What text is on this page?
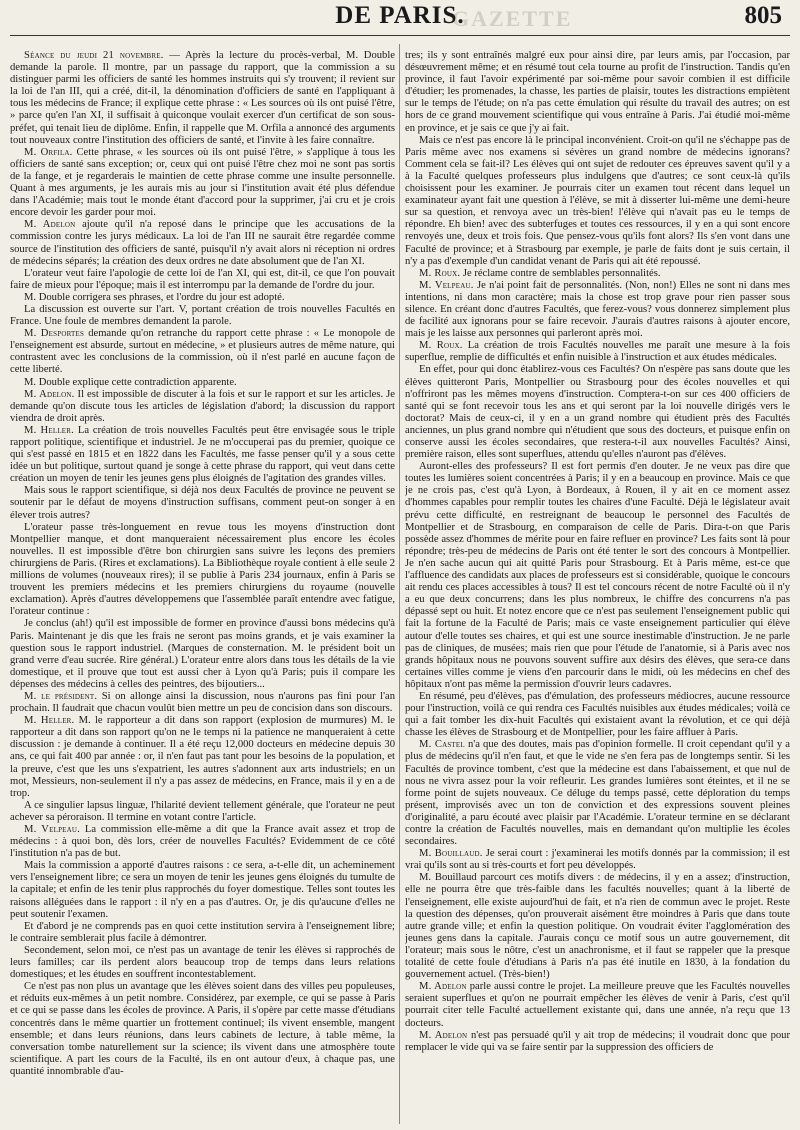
GAZETTE
DE PARIS.	805

Séance du jeudi 21 novembre. — Après la lecture du procès-verbal, M. Double demande la parole. Il montre, par un passage du rapport, que la commission a su distinguer parmi les officiers de santé les hommes instruits qui s'y trouvent; il revient sur la loi de l'an III, qui a créé, dit-il, la dénomination d'officiers de santé en l'appliquant à tous les médecins de France; il explique cette phrase : « Les sources où ils ont puisé l'être, » parce qu'en l'an XI, il suffisait à quiconque voulait exercer d'un certificat de son sous-préfet, qui tenait lieu de diplôme. Enfin, il rappelle que M. Orfila a annoncé des arguments tout nouveaux contre l'institution des officiers de santé, et l'invite à les faire connaître.

M. Orfila. Cette phrase, « les sources où ils ont puisé l'être, » s'applique à tous les officiers de santé sans exception; or, ceux qui ont puisé l'être chez moi ne sont pas sortis de la fange, et je regarderais le maintien de cette phrase comme une insulte personnelle. Quant à mes arguments, je les aurais mis au jour si l'institution avait été plus défendue dans l'Académie; mais tout le monde étant d'accord pour la supprimer, j'ai cru et je crois encore devoir les garder pour moi.

M. Adelon ajoute qu'il n'a reposé dans le principe que les accusations de la commission contre les jurys médicaux. La loi de l'an III ne saurait être regardée comme source de l'institution des officiers de santé, puisqu'il n'y avait alors ni réception ni ordres de médecins séparés; la création des deux ordres ne date absolument que de l'an XI.

L'orateur veut faire l'apologie de cette loi de l'an XI, qui est, dit-il, ce que l'on pouvait faire de mieux pour l'époque; mais il est interrompu par la demande de l'ordre du jour.

M. Double corrigera ses phrases, et l'ordre du jour est adopté.

La discussion est ouverte sur l'art. V, portant création de trois nouvelles Facultés en France. Une foule de membres demandent la parole.

M. Desportes demande qu'on retranche du rapport cette phrase : « Le monopole de l'enseignement est absurde, surtout en médecine, » et plusieurs autres de même nature, qui contrastent avec les conclusions de la commission, où il n'est parlé en aucune façon de cette liberté.

M. Double explique cette contradiction apparente.

M. Adelon. Il est impossible de discuter à la fois et sur le rapport et sur les articles. Je demande qu'on discute tous les articles de législation d'abord; la discussion du rapport viendra de droit après.

M. Heller. La création de trois nouvelles Facultés peut être envisagée sous le triple rapport politique, scientifique et industriel. Je ne m'occuperai pas du premier, quoique ce qui s'est passé en 1815 et en 1822 dans les Facultés, me fasse penser qu'il y a sous cette idée un but politique, surtout quand je songe à cette phrase du rapport, qui veut dans cette création un moyen de tenir les jeunes gens plus éloignés de l'agitation des grandes villes.

Mais sous le rapport scientifique, si déjà nos deux Facultés de province ne peuvent se soutenir par le défaut de moyens d'instruction suffisans, comment peut-on songer à en élever trois autres?

L'orateur passe très-longuement en revue tous les moyens d'instruction dont Montpellier manque, et dont manqueraient nécessairement plus encore les écoles nouvelles. Il est impossible d'être bon chirurgien sans suivre les leçons des premiers chirurgiens de Paris. (Rires et exclamations). La Bibliothèque royale contient à elle seule 2 millions de volumes (nouveaux rires); il se publie à Paris 234 journaux, enfin à Paris se trouvent les premiers médecins et les premiers chirurgiens du royaume (nouvelle exclamation). Après d'autres développemens que l'assemblée paraît entendre avec fatigue, l'orateur continue :

Je conclus (ah!) qu'il est impossible de former en province d'aussi bons médecins qu'à Paris. Maintenant je dis que les frais ne seront pas moins grands, et je vais examiner la question sous le rapport industriel. (Marques de consternation. M. le président boit un grand verre d'eau sucrée. Rire général.) L'orateur entre alors dans tous les détails de la vie domestique, et il prouve que tout est aussi cher à Lyon qu'à Paris; puis il compare les dépenses des médecins à celles des peintres, des bijoutiers...

M. le président. Si on allonge ainsi la discussion, nous n'aurons pas fini pour l'an prochain. Il faudrait que chacun voulût bien mettre un peu de concision dans son discours.

M. Heller. M. le rapporteur a dit dans son rapport (explosion de murmures) M. le rapporteur a dit dans son rapport qu'on ne le temps ni la patience ne manqueraient à cette discussion : je demande à continuer. Il a été reçu 12,000 docteurs en médecine depuis 30 ans, ce qui fait 400 par année : or, il n'en faut pas tant pour les besoins de la population, et la preuve, c'est que les uns s'expatrient, les autres s'adonnent aux arts industriels; en un mot, Messieurs, non-seulement il n'y a pas assez de médecins, en France, mais il y en a de trop.

A ce singulier lapsus linguæ, l'hilarité devient tellement générale, que l'orateur ne peut achever sa péroraison. Il termine en votant contre l'article.

M. Velpeau. La commission elle-même a dit que la France avait assez et trop de médecins : à quoi bon, dès lors, créer de nouvelles Facultés? Evidemment de ce côté l'institution n'a pas de but.

Mais la commission a apporté d'autres raisons : ce sera, a-t-elle dit, un acheminement vers l'enseignement libre; ce sera un moyen de tenir les jeunes gens éloignés du tumulte de la capitale; et enfin de les tenir plus rapprochés du foyer domestique. Telles sont toutes les raisons alléguées dans le rapport : il n'y en a pas d'autres. Or, je dis qu'aucune d'elles ne peut soutenir l'examen.

Et d'abord je ne comprends pas en quoi cette institution servira à l'enseignement libre; le contraire semblerait plus facile à démontrer.

Secondement, selon moi, ce n'est pas un avantage de tenir les élèves si rapprochés de leurs familles; car ils perdent alors beaucoup trop de temps dans leurs relations domestiques; et les études en souffrent incontestablement.

Ce n'est pas non plus un avantage que les élèves soient dans des villes peu populeuses, et réduits eux-mêmes à un petit nombre. Considérez, par exemple, ce qui se passe à Paris et ce qui se passe dans les écoles de province. A Paris, il s'opère par cette masse d'étudians concentrés dans le même quartier un frottement continuel; ils vivent ensemble, mangent ensemble; et dans leurs réunions, dans leurs cabinets de lecture, à table même, la conversation tombe naturellement sur la science; ils vivent dans une atmosphère toute scientifique. A part les cours de la Faculté, ils en ont autour d'eux, à chaque pas, une quantité innombrable d'au-

tres; ils y sont entraînés malgré eux pour ainsi dire, par leurs amis, par l'occasion, par désœuvrement même; et en résumé tout cela tourne au profit de l'instruction. Tandis qu'en province, il faut l'avoir expérimenté par soi-même pour savoir combien il est difficile d'étudier; les promenades, la chasse, les parties de plaisir, toutes les distractions empiètent sur le temps de l'étude; on n'a pas cette émulation qui résulte du travail des autres; on est hors de ce grand mouvement scientifique qui vous entraîne à Paris. J'ai étudié moi-même en province, et je sais ce que j'y ai fait.

Mais ce n'est pas encore là le principal inconvénient. Croit-on qu'il ne s'échappe pas de Paris même avec nos examens si sévères un grand nombre de médecins ignorans? Comment cela se fait-il? Les élèves qui ont sujet de redouter ces épreuves savent qu'il y a à la Faculté quelques professeurs plus indulgens que d'autres; ce sont ceux-là qu'ils choisissent pour les examiner. Je pourrais citer un examen tout récent dans lequel un examinateur ayant fait une question à l'élève, se mit à disserter lui-même une demi-heure sur sa question, et renvoya avec un très-bien! l'élève qui n'avait pas eu le temps de répondre. Eh bien! avec des subterfuges et toutes ces ressources, il y en a qui sont encore renvoyés une, deux et trois fois. Que pensez-vous qu'ils font alors? Ils s'en vont dans une Faculté de province; et à Strasbourg par exemple, je parle de faits dont je suis certain, il n'y a pas d'exemple d'un candidat venant de Paris qui ait été repoussé.

M. Roux. Je réclame contre de semblables personnalités.

M. Velpeau. Je n'ai point fait de personnalités. (Non, non!) Elles ne sont ni dans mes intentions, ni dans mon caractère; mais la chose est trop grave pour rien passer sous silence. En créant donc d'autres Facultés, que ferez-vous? vous donnerez simplement plus de facilité aux ignorans pour se faire recevoir. J'aurais d'autres raisons à ajouter encore, mais je les laisse aux personnes qui parleront après moi.

M. Roux. La création de trois Facultés nouvelles me paraît une mesure à la fois superflue, remplie de difficultés et enfin nuisible à l'instruction et aux études médicales.

En effet, pour qui donc établirez-vous ces Facultés? On n'espère pas sans doute que les élèves quitteront Paris, Montpellier ou Strasbourg pour des écoles nouvelles et qui n'offriront pas les mêmes moyens d'instruction. Comptera-t-on sur ces 400 officiers de santé qui se font recevoir tous les ans et qui seront par la loi nouvelle dirigés vers le doctorat? Mais de ceux-ci, il y en a un grand nombre qui étudient près des Facultés anciennes, un plus grand nombre qui n'étudient que sous des docteurs, et puisque enfin on conserve aussi les écoles secondaires, que restera-t-il aux nouvelles Facultés? Ainsi, première raison, elles sont superflues, attendu qu'elles n'auront pas d'élèves.

Auront-elles des professeurs? Il est fort permis d'en douter. Je ne veux pas dire que toutes les lumières soient concentrées à Paris; il y en a beaucoup en province. Mais ce que je ne crois pas, c'est qu'à Lyon, à Bordeaux, à Rouen, il y ait en ce moment assez d'hommes capables pour remplir toutes les chaires d'une Faculté. Déjà le législateur avait prévu cette difficulté, en restreignant de beaucoup le personnel des Facultés de Montpellier et de Strasbourg, en comparaison de celle de Paris. Dira-t-on que Paris possède assez d'hommes de mérite pour en faire refluer en province? Les faits sont là pour répondre; très-peu de médecins de Paris ont été tenter le sort des concours à Montpellier. Je n'en sache aucun qui ait quitté Paris pour Strasbourg. Et à Paris même, est-ce que l'affluence des candidats aux places de professeurs est si considérable, quoique le concours ait rendu ces places accessibles à tous? Il est tel concours récent de notre Faculté où il n'y a eu que deux concurrens; dans les plus nombreux, le chiffre des concurrens n'a pas dépassé sept ou huit. Et notez encore que ce n'est pas seulement l'enseignement public qui fait la fortune de la Faculté de Paris; mais ce vaste enseignement particulier qui élève autour d'elle toutes ses chaires, et qui est une source inestimable d'instruction. Je ne parle pas de cliniques, de musées; mais rien que pour l'étude de l'anatomie, si à Paris avec nos grands hôpitaux nous ne pouvons souvent suffire aux désirs des élèves, que sera-ce dans certaines villes comme je viens d'en parcourir dans le midi, où les médecins en chef des hôpitaux n'ont pas même la permission d'ouvrir leurs cadavres.

En résumé, peu d'élèves, pas d'émulation, des professeurs médiocres, aucune ressource pour l'instruction, voilà ce qui rendra ces Facultés nuisibles aux études médicales; voilà ce qui a fait tomber les dix-huit Facultés qui existaient avant la révolution, et ce qui déjà chasse les élèves de Strasbourg et de Montpellier, pour les faire affluer à Paris.

M. Castel n'a que des doutes, mais pas d'opinion formelle. Il croit cependant qu'il y a plus de médecins qu'il n'en faut, et que le vide ne s'en fera pas de longtemps sentir. Si les Facultés de province tombent, c'est que la médecine est dans l'abaissement, et que nul de nous ne vivra assez pour la voir refleurir. Les grandes lumières sont éteintes, et il ne se forme point de sujets nouveaux. Ce déluge du temps passé, cette déploration du temps présent, improvisés avec un ton de conviction et des expressions souvent pleines d'originalité, a paru écouté avec plaisir par l'Académie. L'orateur termine en se déclarant contre la création de Facultés nouvelles, mais en demandant qu'on multiplie les écoles secondaires.

M. Bouillaud. Je serai court : j'examinerai les motifs donnés par la commission; il est vrai qu'ils sont au si très-courts et fort peu développés.

M. Bouillaud parcourt ces motifs divers : de médecins, il y en a assez; d'instruction, elle ne pourra être que très-faible dans les facultés nouvelles; quant à la liberté de l'enseignement, elle existe aujourd'hui de fait, et n'a rien de commun avec le projet. Reste la question des dépenses, qu'on prouverait aisément être moindres à Paris que dans toute autre grande ville; et enfin la question politique. On voudrait éviter l'agglomération des jeunes gens dans la capitale. J'aurais conçu ce motif sous un autre gouvernement, dit l'orateur; mais sous le nôtre, c'est un anachronisme, et il faut se rappeler que la presque totalité de cette foule d'étudians à Paris n'a pas été inutile en 1830, à la fondation du gouvernement actuel. (Très-bien!)

M. Adelon parle aussi contre le projet. La meilleure preuve que les Facultés nouvelles seraient superflues et qu'on ne pourrait empêcher les élèves de venir à Paris, c'est qu'il pourrait citer telle Faculté actuellement existante qui, dans une année, n'a reçu que 13 docteurs.

M. Adelon n'est pas persuadé qu'il y ait trop de médecins; il voudrait donc que pour remplacer le vide qui va se faire sentir par la suppression des officiers de
